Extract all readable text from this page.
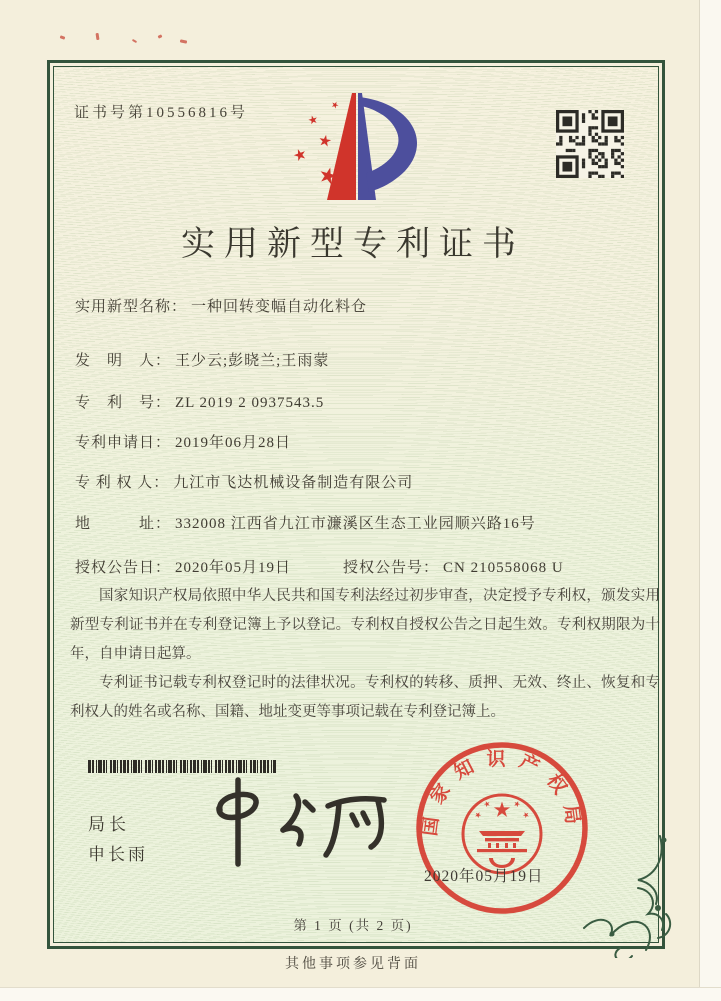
证书号第10556816号
实用新型专利证书
实用新型名称： 一种回转变幅自动化料仓
发　明　人： 王少云;彭晓兰;王雨蒙
专　利　号： ZL 2019 2 0937543.5
专利申请日： 2019年06月28日
专 利 权 人： 九江市飞达机械设备制造有限公司
地　　　址： 332008 江西省九江市濂溪区生态工业园顺兴路16号
授权公告日： 2020年05月19日	授权公告号： CN 210558068 U

国家知识产权局依照中华人民共和国专利法经过初步审查，决定授予专利权，颁发实用新型专利证书并在专利登记簿上予以登记。专利权自授权公告之日起生效。专利权期限为十年，自申请日起算。

专利证书记载专利权登记时的法律状况。专利权的转移、质押、无效、终止、恢复和专利权人的姓名或名称、国籍、地址变更等事项记载在专利登记簿上。

局长
申长雨
国家知识产权局
2020年05月19日
第 1 页 (共 2 页)
其他事项参见背面
